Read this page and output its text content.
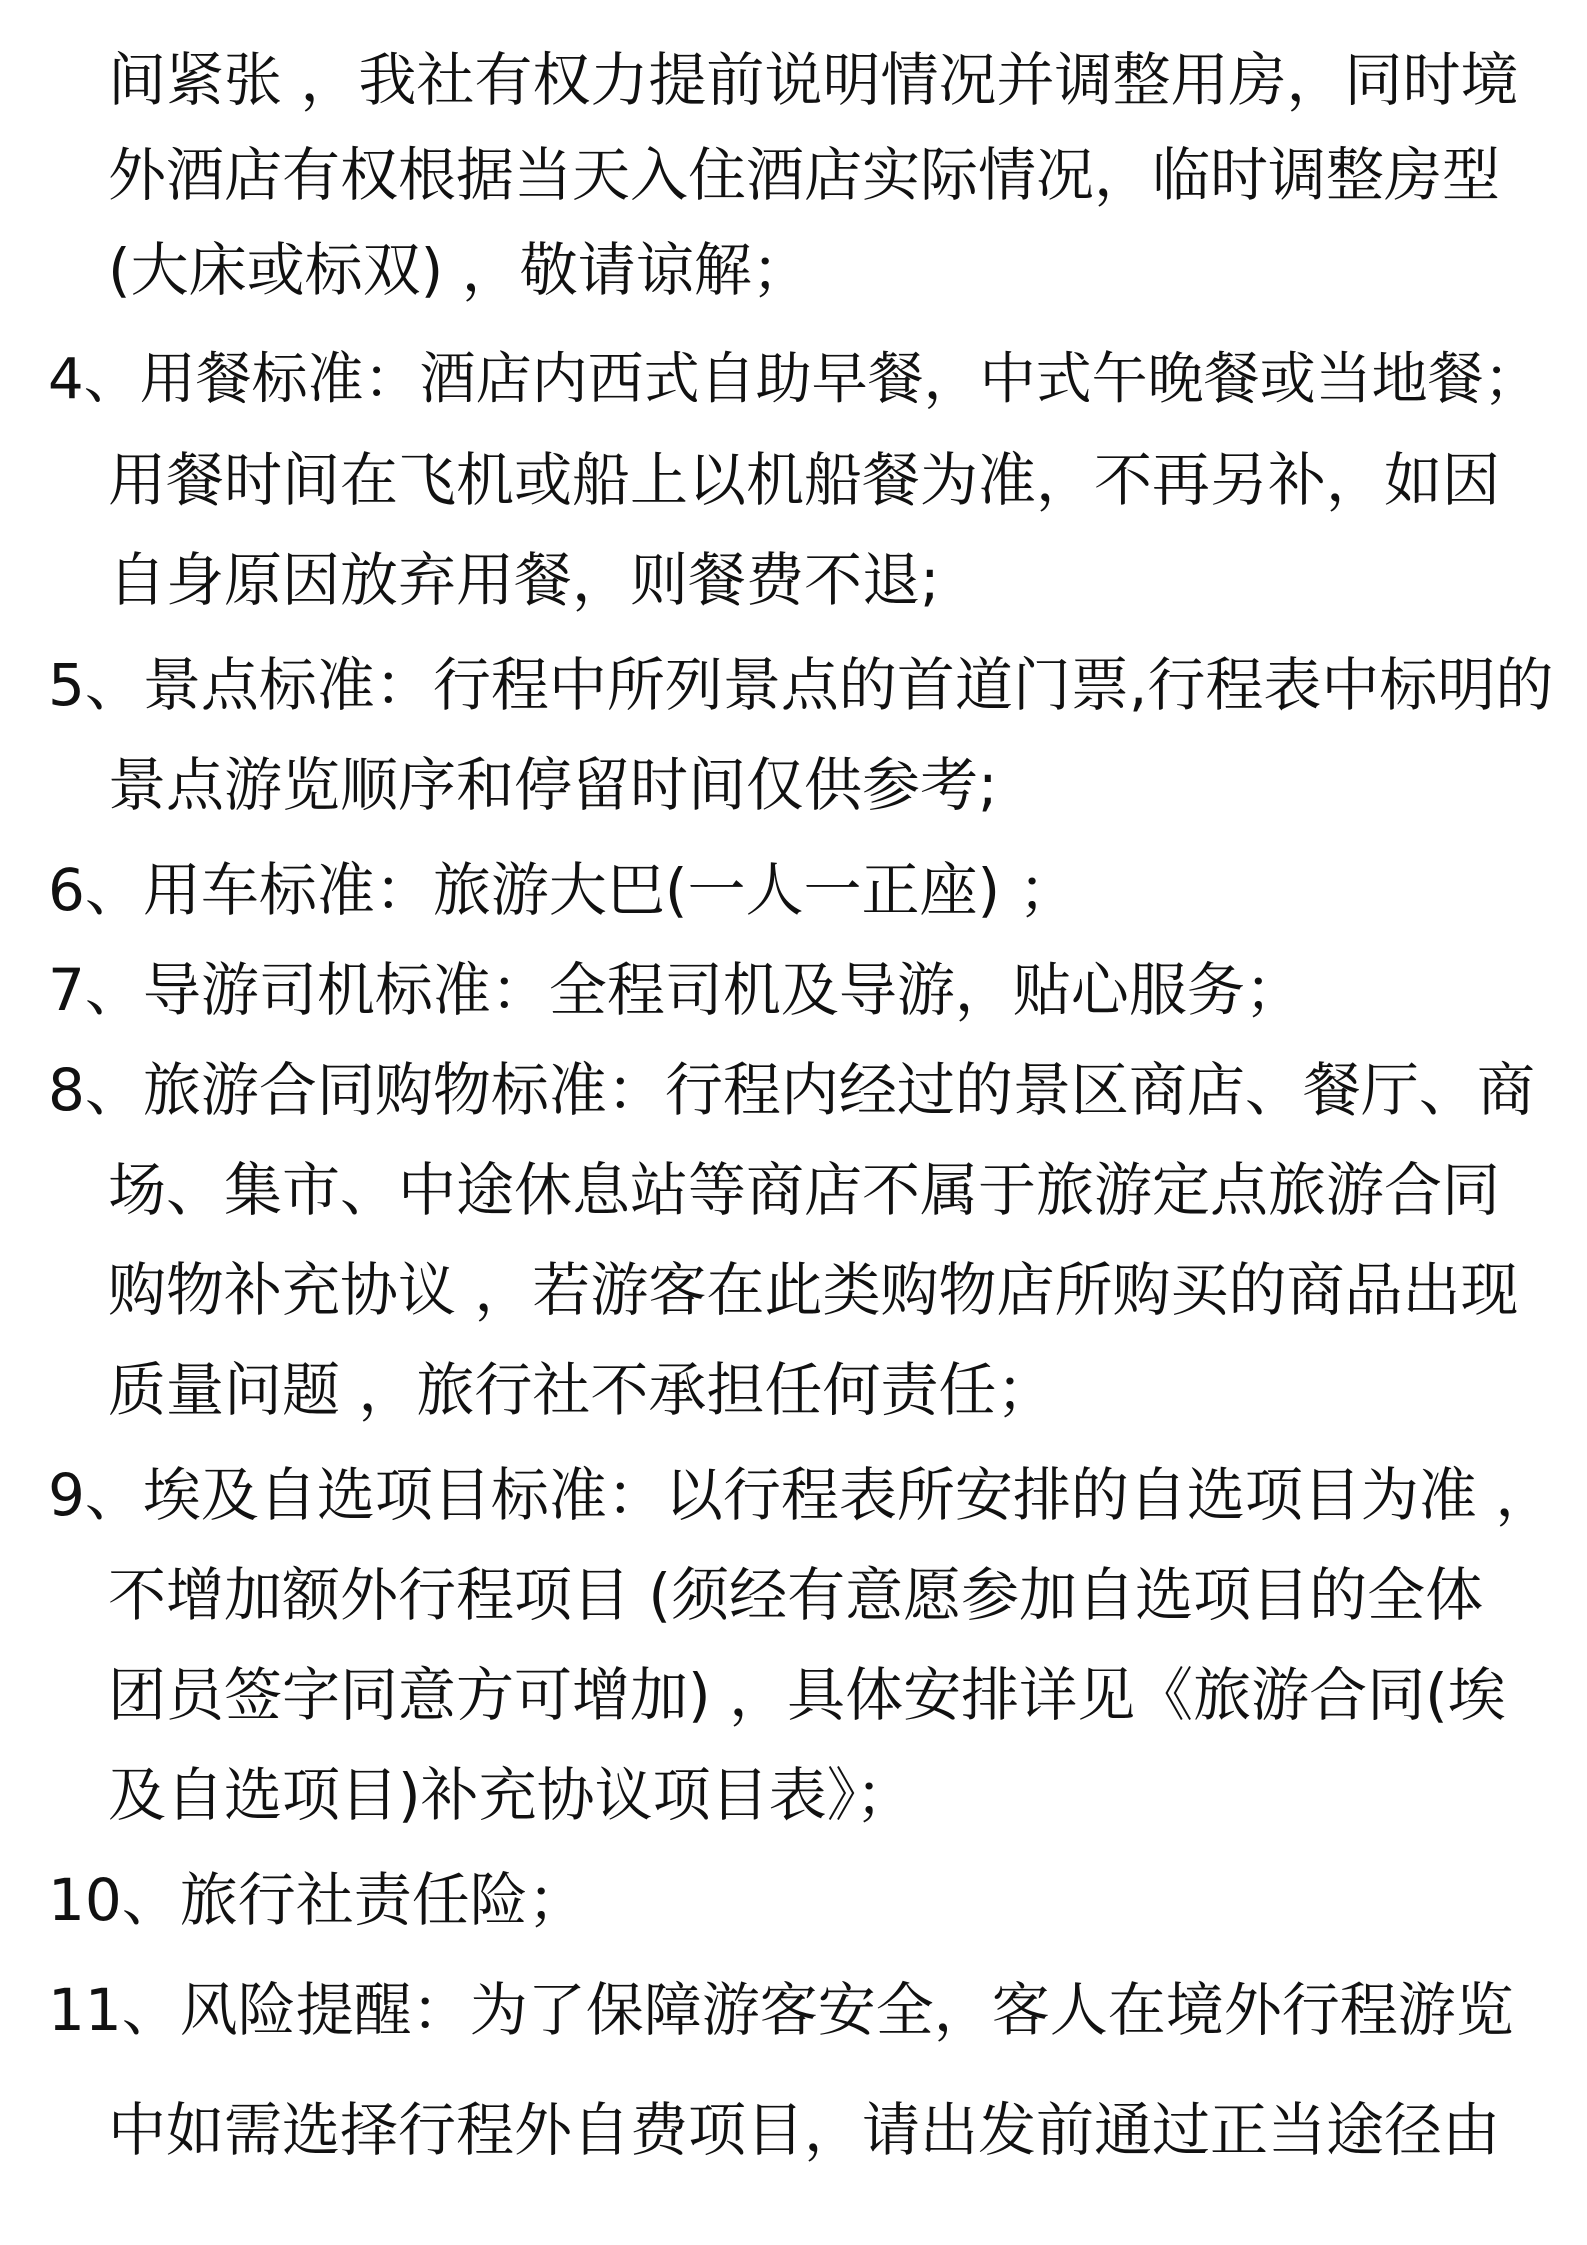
间紧张 ，我社有权力提前说明情况并调整用房，同时境
外酒店有权根据当天入住酒店实际情况，临时调整房型
(大床或标双) ，敬请谅解；
4、用餐标准：酒店内西式自助早餐，中式午晚餐或当地餐；
用餐时间在飞机或船上以机船餐为准，不再另补，如因
自身原因放弃用餐，则餐费不退;
5、景点标准：行程中所列景点的首道门票,行程表中标明的
景点游览顺序和停留时间仅供参考;
6、用车标准：旅游大巴(一人一正座) ；
7、导游司机标准：全程司机及导游，贴心服务；
8、旅游合同购物标准：行程内经过的景区商店、餐厅、商
场、集市、中途休息站等商店不属于旅游定点旅游合同
购物补充协议 ，若游客在此类购物店所购买的商品出现
质量问题 ，旅行社不承担任何责任；
9、埃及自选项目标准：以行程表所安排的自选项目为准 ，
不增加额外行程项目 (须经有意愿参加自选项目的全体
团员签字同意方可增加) ，具体安排详见《旅游合同(埃
及自选项目)补充协议项目表》；
10、旅行社责任险；
11、风险提醒：为了保障游客安全，客人在境外行程游览
中如需选择行程外自费项目，请出发前通过正当途径由
